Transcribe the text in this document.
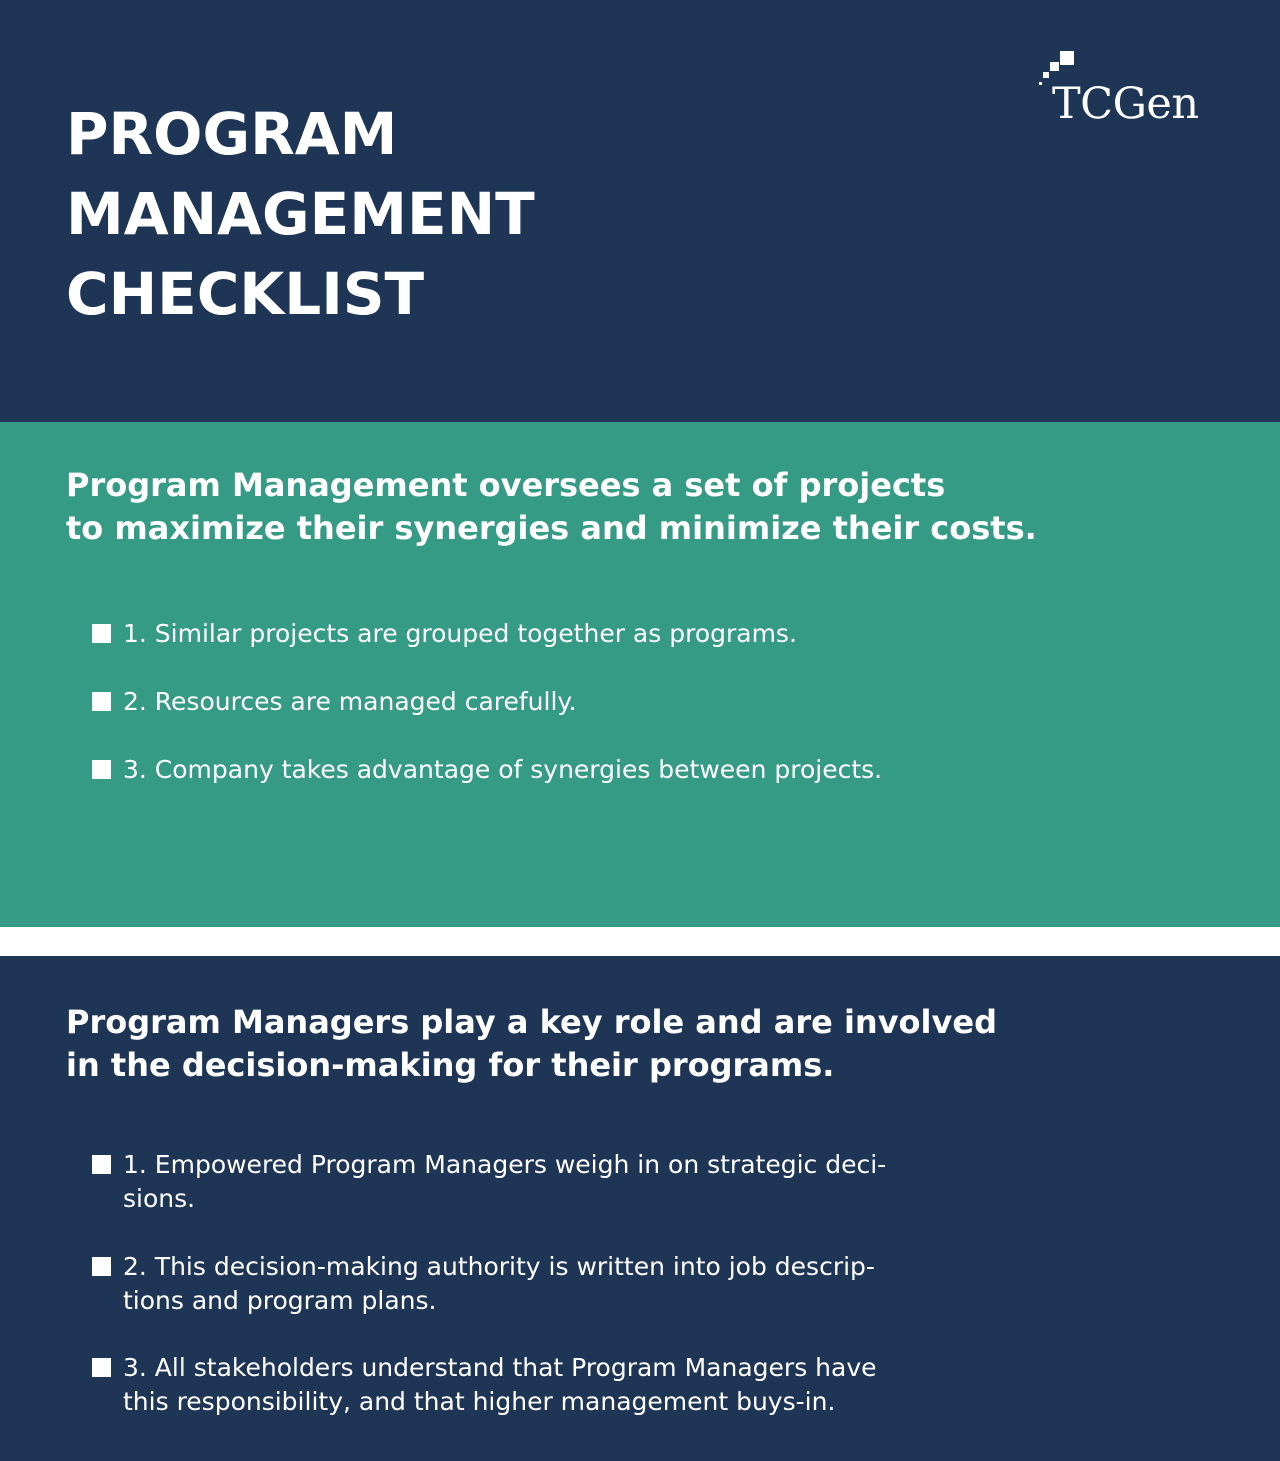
PROGRAM
MANAGEMENT
CHECKLIST
TCGen
Program Management oversees a set of projects
to maximize their synergies and minimize their costs.
1. Similar projects are grouped together as programs.
2. Resources are managed carefully.
3. Company takes advantage of synergies between projects.
Program Managers play a key role and are involved
in the decision-making for their programs.
1. Empowered Program Managers weigh in on strategic deci-
sions.
2. This decision-making authority is written into job descrip-
tions and program plans.
3. All stakeholders understand that Program Managers have
this responsibility, and that higher management buys-in.
